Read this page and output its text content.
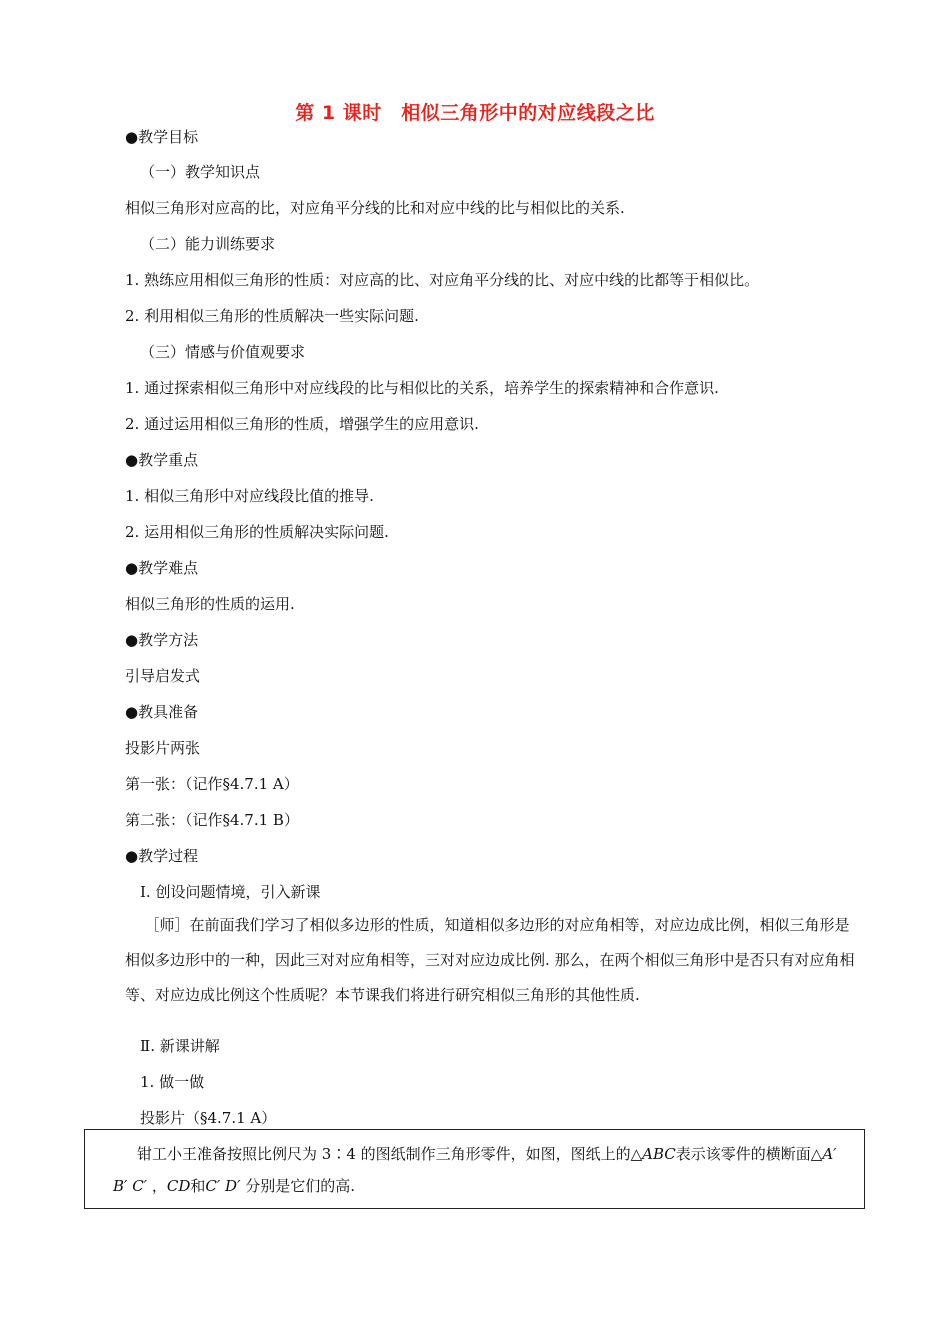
第 1 课时　相似三角形中的对应线段之比
●教学目标
（一）教学知识点
相似三角形对应高的比，对应角平分线的比和对应中线的比与相似比的关系.
（二）能力训练要求
1. 熟练应用相似三角形的性质：对应高的比、对应角平分线的比、对应中线的比都等于相似比。
2. 利用相似三角形的性质解决一些实际问题.
（三）情感与价值观要求
1. 通过探索相似三角形中对应线段的比与相似比的关系，培养学生的探索精神和合作意识.
2. 通过运用相似三角形的性质，增强学生的应用意识.
●教学重点
1. 相似三角形中对应线段比值的推导.
2. 运用相似三角形的性质解决实际问题.
●教学难点
相似三角形的性质的运用.
●教学方法
引导启发式
●教具准备
投影片两张
第一张：（记作§4.7.1 A）
第二张：（记作§4.7.1 B）
●教学过程
Ⅰ. 创设问题情境，引入新课
［师］在前面我们学习了相似多边形的性质，知道相似多边形的对应角相等，对应边成比例，相似三角形是相似多边形中的一种，因此三对对应角相等，三对对应边成比例. 那么，在两个相似三角形中是否只有对应角相等、对应边成比例这个性质呢？本节课我们将进行研究相似三角形的其他性质.
Ⅱ. 新课讲解
1. 做一做
投影片（§4.7.1 A）
钳工小王准备按照比例尺为 3∶4 的图纸制作三角形零件，如图，图纸上的△ABC表示该零件的横断面△A′ B′ C′ ，CD和C′ D′ 分别是它们的高.
